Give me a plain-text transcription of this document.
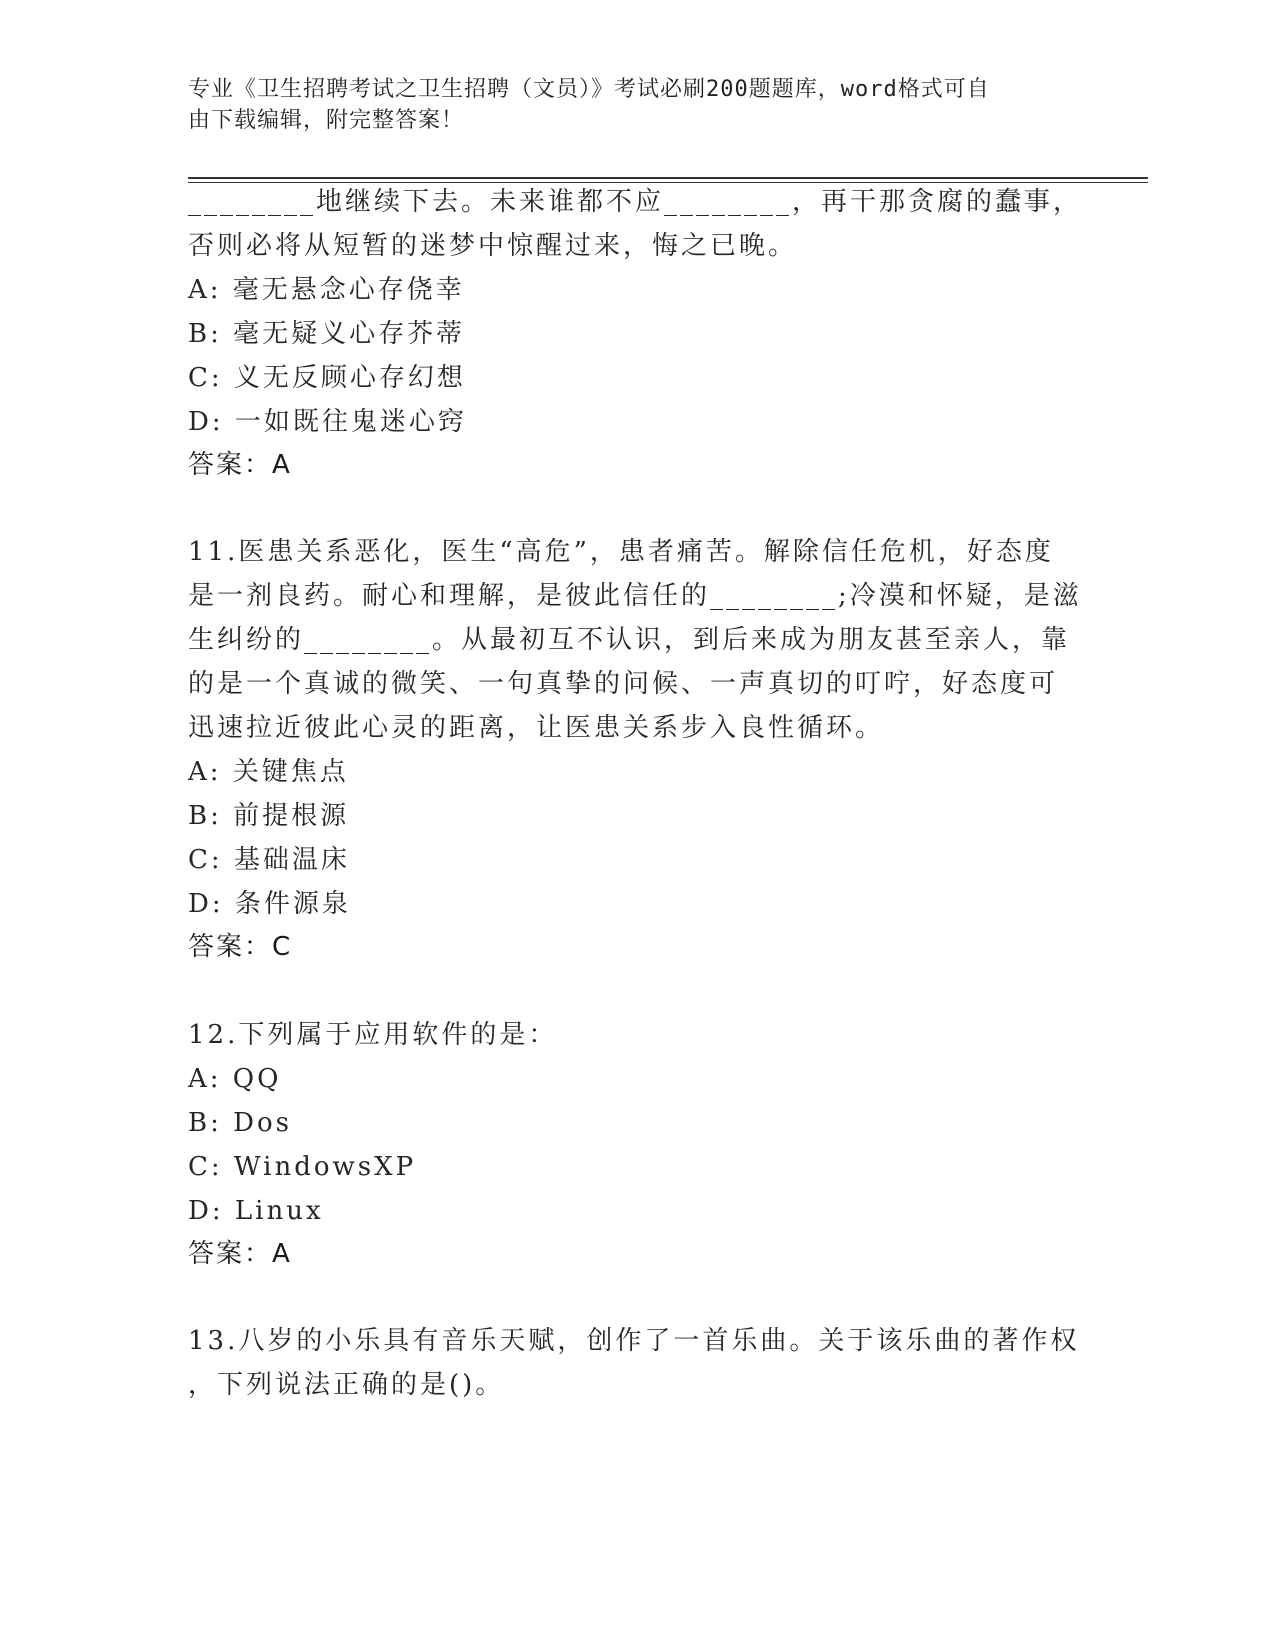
专业《卫生招聘考试之卫生招聘（文员）》考试必刷200题题库，word格式可自
由下载编辑，附完整答案！
________地继续下去。未来谁都不应________，再干那贪腐的蠢事，
否则必将从短暂的迷梦中惊醒过来，悔之已晚。
A: 毫无悬念心存侥幸
B: 毫无疑义心存芥蒂
C: 义无反顾心存幻想
D: 一如既往鬼迷心窍
答案：A
11.医患关系恶化，医生“高危”，患者痛苦。解除信任危机，好态度
是一剂良药。耐心和理解，是彼此信任的________;冷漠和怀疑，是滋
生纠纷的________。从最初互不认识，到后来成为朋友甚至亲人，靠
的是一个真诚的微笑、一句真挚的问候、一声真切的叮咛，好态度可
迅速拉近彼此心灵的距离，让医患关系步入良性循环。
A: 关键焦点
B: 前提根源
C: 基础温床
D: 条件源泉
答案：C
12.下列属于应用软件的是：
A: QQ
B: Dos
C: WindowsXP
D: Linux
答案：A
13.八岁的小乐具有音乐天赋，创作了一首乐曲。关于该乐曲的著作权
，下列说法正确的是()。
